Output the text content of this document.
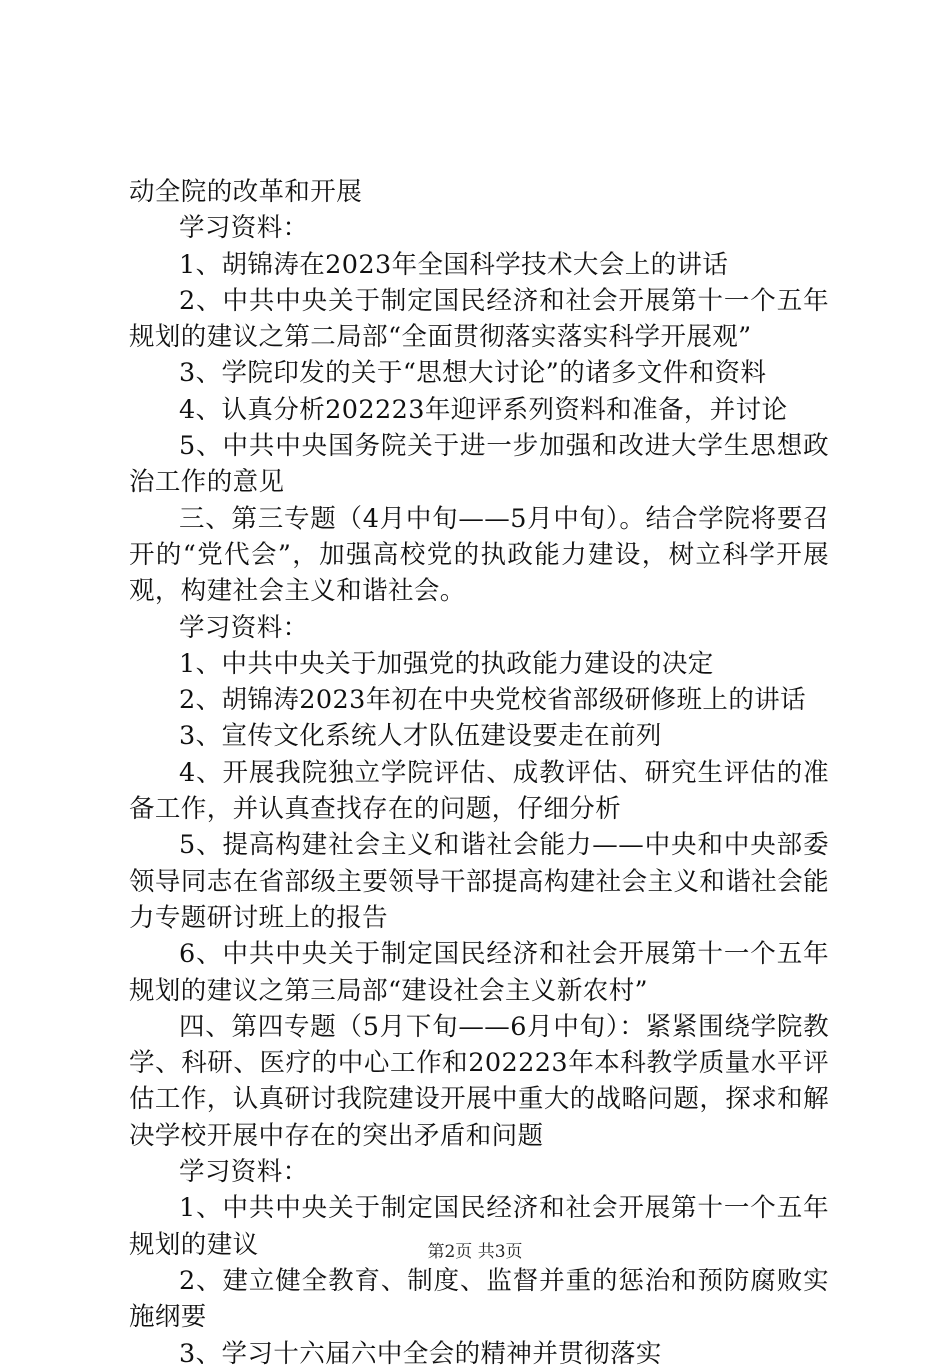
动全院的改革和开展

学习资料：

1、胡锦涛在2023年全国科学技术大会上的讲话

2、中共中央关于制定国民经济和社会开展第十一个五年规划的建议之第二局部“全面贯彻落实落实科学开展观”

3、学院印发的关于“思想大讨论”的诸多文件和资料

4、认真分析202223年迎评系列资料和准备，并讨论

5、中共中央国务院关于进一步加强和改进大学生思想政治工作的意见

三、第三专题（4月中旬——5月中旬）。结合学院将要召开的“党代会”，加强高校党的执政能力建设，树立科学开展观，构建社会主义和谐社会。

学习资料：

1、中共中央关于加强党的执政能力建设的决定

2、胡锦涛2023年初在中央党校省部级研修班上的讲话

3、宣传文化系统人才队伍建设要走在前列

4、开展我院独立学院评估、成教评估、研究生评估的准备工作，并认真查找存在的问题，仔细分析

5、提高构建社会主义和谐社会能力——中央和中央部委领导同志在省部级主要领导干部提高构建社会主义和谐社会能力专题研讨班上的报告

6、中共中央关于制定国民经济和社会开展第十一个五年规划的建议之第三局部“建设社会主义新农村”

四、第四专题（5月下旬——6月中旬）：紧紧围绕学院教学、科研、医疗的中心工作和202223年本科教学质量水平评估工作，认真研讨我院建设开展中重大的战略问题，探求和解决学校开展中存在的突出矛盾和问题

学习资料：

1、中共中央关于制定国民经济和社会开展第十一个五年规划的建议

2、建立健全教育、制度、监督并重的惩治和预防腐败实施纲要

3、学习十六届六中全会的精神并贯彻落实

第2页 共3页
